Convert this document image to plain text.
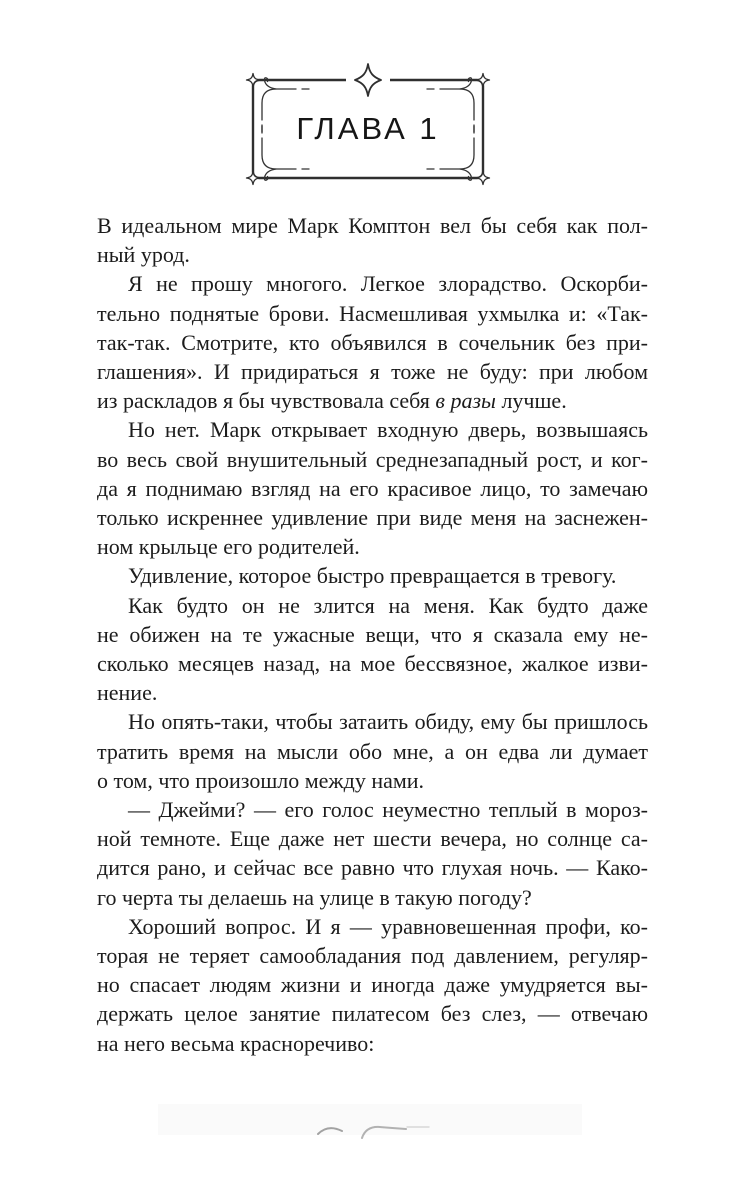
ГЛАВА 1
В идеальном мире Марк Комптон вел бы себя как пол-
ный урод.
Я не прошу многого. Легкое злорадство. Оскорби-
тельно поднятые брови. Насмешливая ухмылка и: «Так-
так-так. Смотрите, кто объявился в сочельник без при-
глашения». И придираться я тоже не буду: при любом
из раскладов я бы чувствовала себя в разы лучше.
Но нет. Марк открывает входную дверь, возвышаясь
во весь свой внушительный среднезападный рост, и ког-
да я поднимаю взгляд на его красивое лицо, то замечаю
только искреннее удивление при виде меня на заснежен-
ном крыльце его родителей.
Удивление, которое быстро превращается в тревогу.
Как будто он не злится на меня. Как будто даже
не обижен на те ужасные вещи, что я сказала ему не-
сколько месяцев назад, на мое бессвязное, жалкое изви-
нение.
Но опять-таки, чтобы затаить обиду, ему бы пришлось
тратить время на мысли обо мне, а он едва ли думает
о том, что произошло между нами.
— Джейми? — его голос неуместно теплый в мороз-
ной темноте. Еще даже нет шести вечера, но солнце са-
дится рано, и сейчас все равно что глухая ночь. — Како-
го черта ты делаешь на улице в такую погоду?
Хороший вопрос. И я — уравновешенная профи, ко-
торая не теряет самообладания под давлением, регуляр-
но спасает людям жизни и иногда даже умудряется вы-
держать целое занятие пилатесом без слез, — отвечаю
на него весьма красноречиво:
